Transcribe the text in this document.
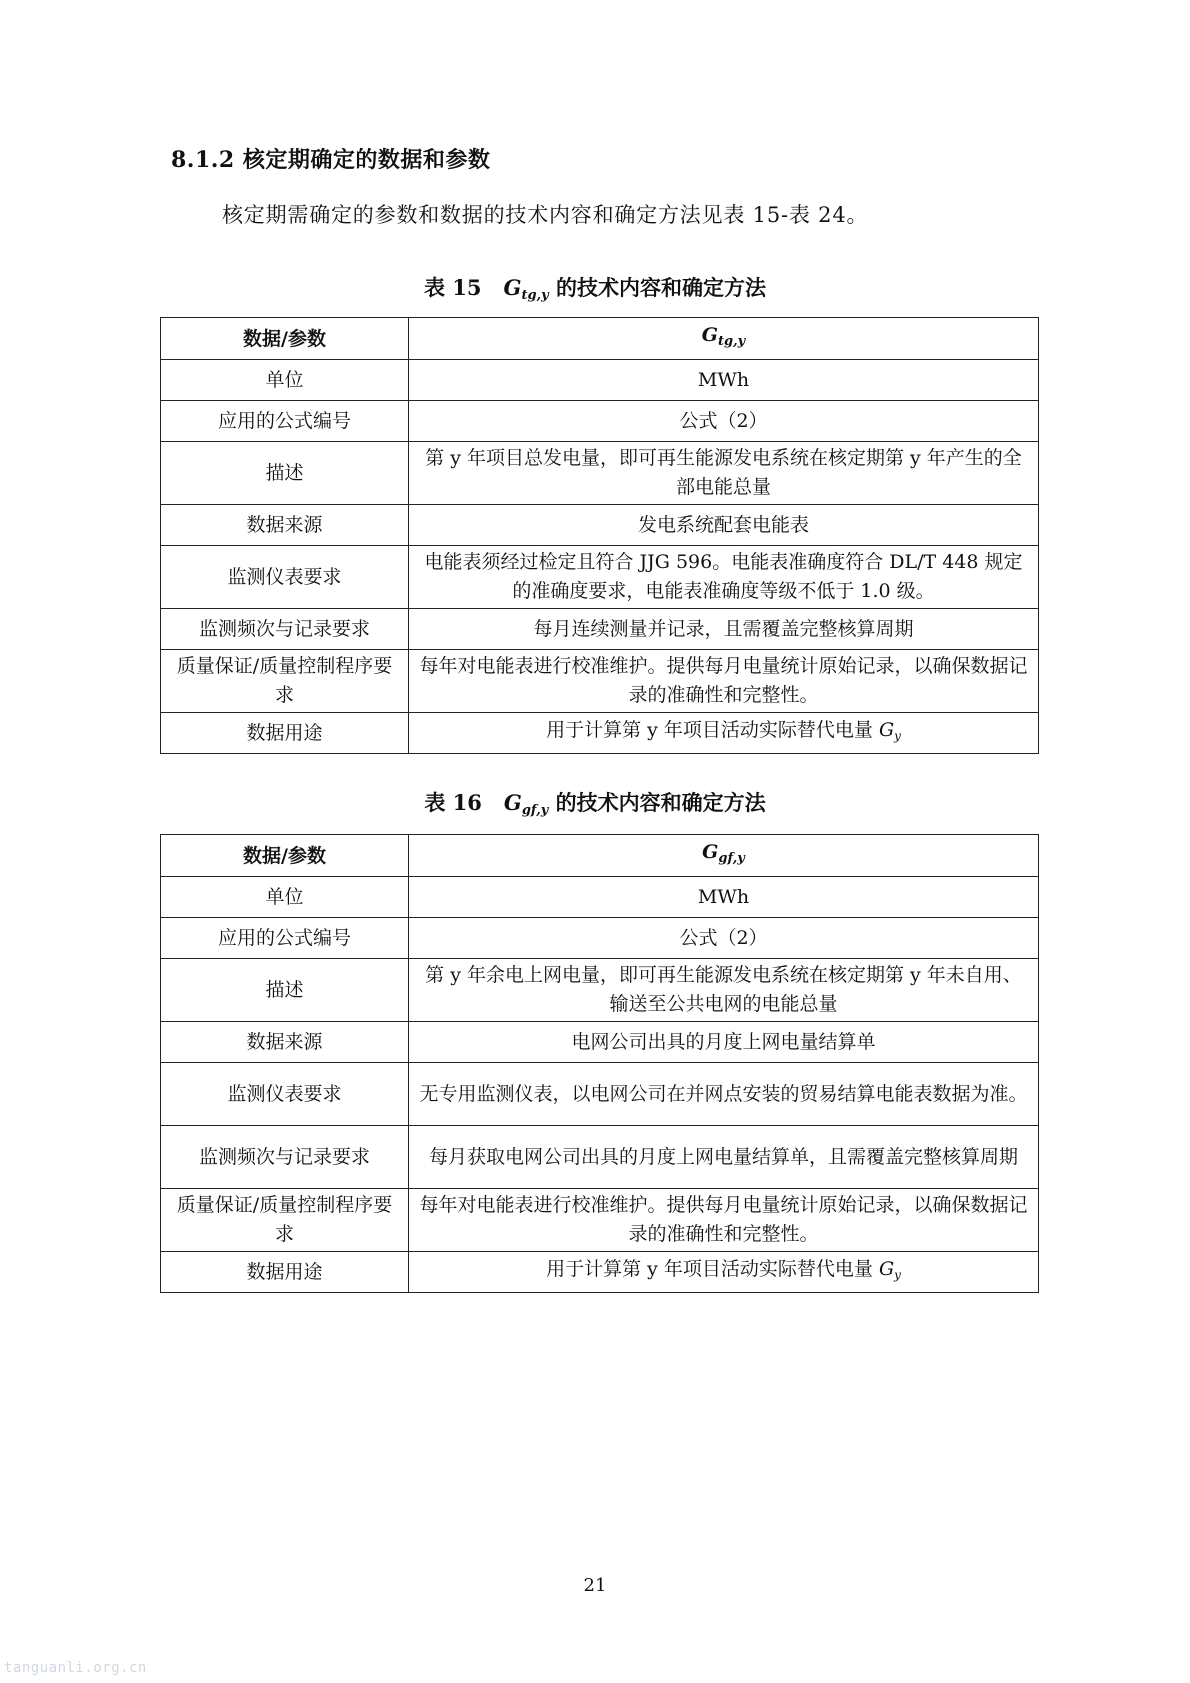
8.1.2 核定期确定的数据和参数
核定期需确定的参数和数据的技术内容和确定方法见表 15-表 24。
表 15 $G_{tg,y}$ 的技术内容和确定方法
数据/参数	$G_{tg,y}$
单位	MWh
应用的公式编号	公式（2）
描述	第 y 年项目总发电量，即可再生能源发电系统在核定期第 y 年产生的全部电能总量
数据来源	发电系统配套电能表
监测仪表要求	电能表须经过检定且符合 JJG 596。电能表准确度符合 DL/T 448 规定的准确度要求，电能表准确度等级不低于 1.0 级。
监测频次与记录要求	每月连续测量并记录，且需覆盖完整核算周期
质量保证/质量控制程序要求	每年对电能表进行校准维护。提供每月电量统计原始记录，以确保数据记录的准确性和完整性。
数据用途	用于计算第 y 年项目活动实际替代电量 $G_y$
表 16 $G_{gf,y}$ 的技术内容和确定方法
数据/参数	$G_{gf,y}$
单位	MWh
应用的公式编号	公式（2）
描述	第 y 年余电上网电量，即可再生能源发电系统在核定期第 y 年未自用、输送至公共电网的电能总量
数据来源	电网公司出具的月度上网电量结算单
监测仪表要求	无专用监测仪表，以电网公司在并网点安装的贸易结算电能表数据为准。
监测频次与记录要求	每月获取电网公司出具的月度上网电量结算单，且需覆盖完整核算周期
质量保证/质量控制程序要求	每年对电能表进行校准维护。提供每月电量统计原始记录，以确保数据记录的准确性和完整性。
数据用途	用于计算第 y 年项目活动实际替代电量 $G_y$
21
tanguanli.org.cn
